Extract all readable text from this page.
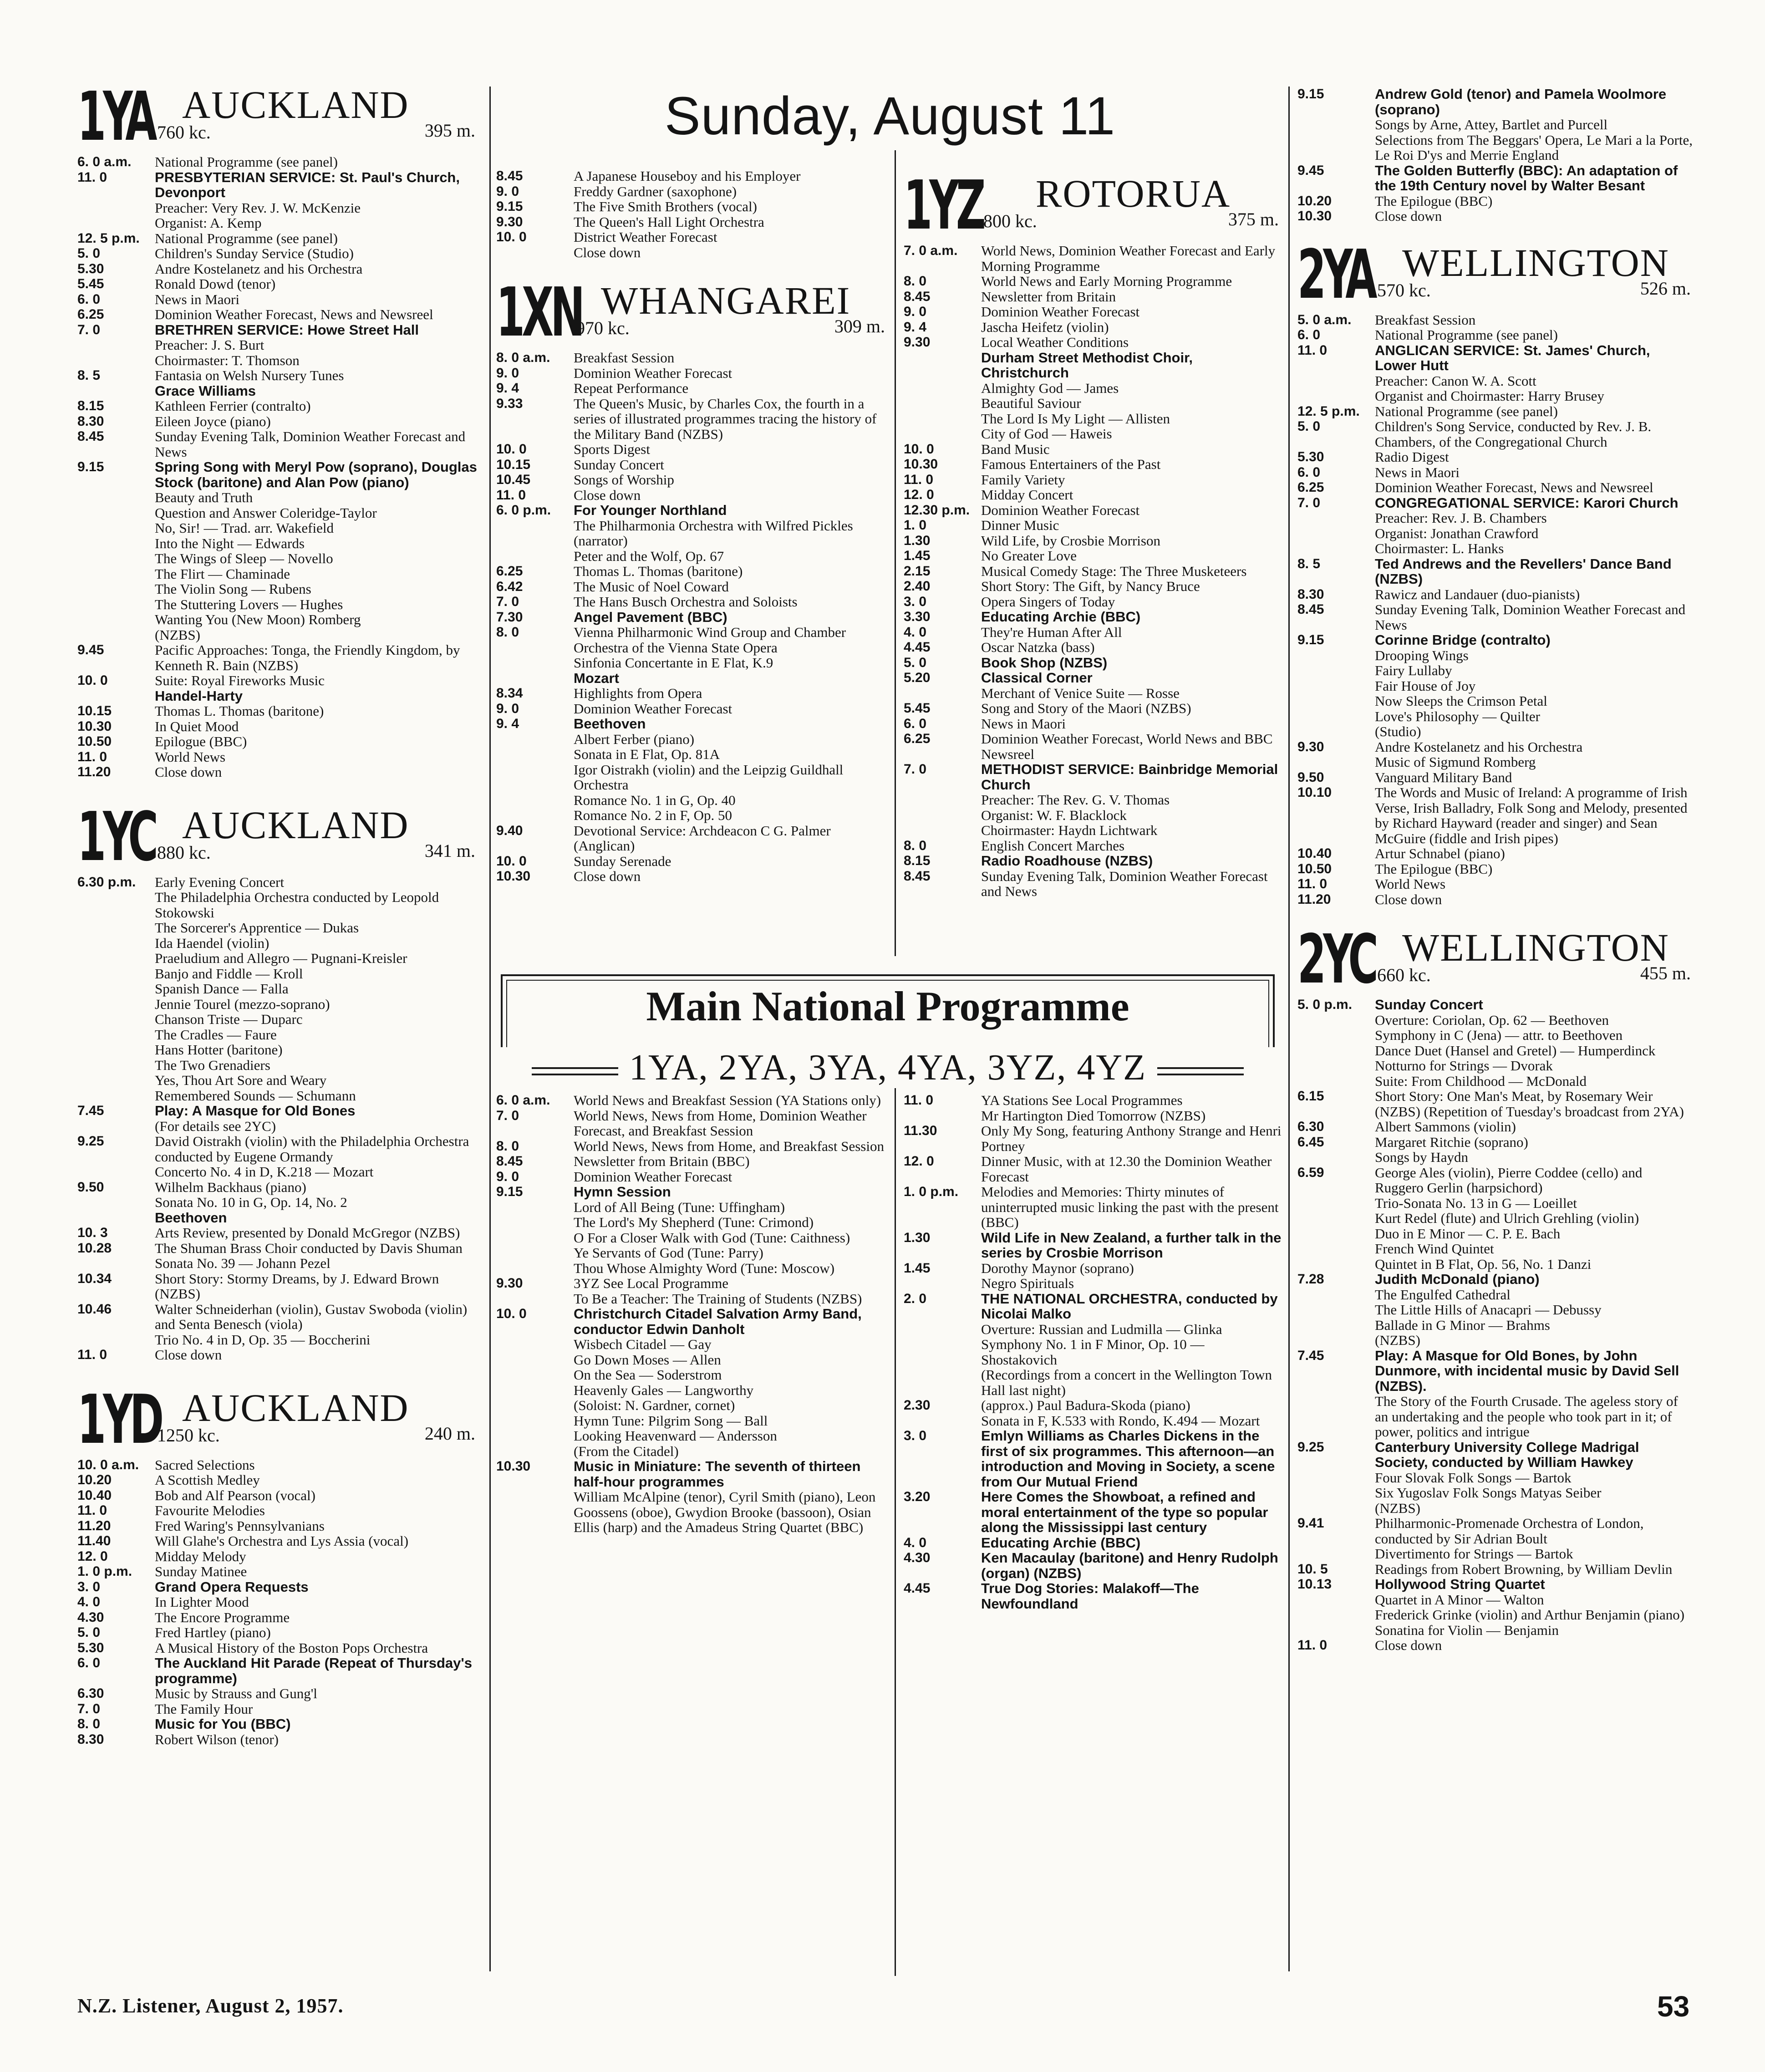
1YA AUCKLAND
760 kc.	395 m.
6. 0 a.m. National Programme (see panel)
11. 0	PRESBYTERIAN SERVICE: St. Paul's Church, Devonport
Preacher: Very Rev. J. W. McKenzie
Organist: A. Kemp
12. 5 p.m. National Programme (see panel)
5. 0	Children's Sunday Service (Studio)
5.30	Andre Kostelanetz and his Orchestra
5.45	Ronald Dowd (tenor)
6. 0	News in Maori
6.25	Dominion Weather Forecast, News and Newsreel
7. 0	BRETHREN SERVICE: Howe Street Hall
Preacher: J. S. Burt
Choirmaster: T. Thomson
8. 5	Fantasia on Welsh Nursery Tunes
Grace Williams
8.15	Kathleen Ferrier (contralto)
8.30	Eileen Joyce (piano)
8.45	Sunday Evening Talk, Dominion Weather Forecast and News
9.15	Spring Song with Meryl Pow (soprano), Douglas Stock (baritone) and Alan Pow (piano)
Beauty and Truth
Question and Answer Coleridge-Taylor
No, Sir! — Trad. arr. Wakefield
Into the Night — Edwards
The Wings of Sleep — Novello
The Flirt — Chaminade
The Violin Song — Rubens
The Stuttering Lovers — Hughes
Wanting You (New Moon) Romberg
(NZBS)
9.45	Pacific Approaches: Tonga, the Friendly Kingdom, by Kenneth R. Bain (NZBS)
10. 0	Suite: Royal Fireworks Music
Handel-Harty
10.15	Thomas L. Thomas (baritone)
10.30	In Quiet Mood
10.50	Epilogue (BBC)
11. 0	World News
11.20	Close down
1YC AUCKLAND
880 kc.	341 m.
6.30 p.m. Early Evening Concert
The Philadelphia Orchestra conducted by Leopold Stokowski
The Sorcerer's Apprentice — Dukas
Ida Haendel (violin)
Praeludium and Allegro — Pugnani-Kreisler
Banjo and Fiddle — Kroll
Spanish Dance — Falla
Jennie Tourel (mezzo-soprano)
Chanson Triste — Duparc
The Cradles — Faure
Hans Hotter (baritone)
The Two Grenadiers
Yes, Thou Art Sore and Weary
Remembered Sounds — Schumann
7.45	Play: A Masque for Old Bones
(For details see 2YC)
9.25	David Oistrakh (violin) with the Philadelphia Orchestra conducted by Eugene Ormandy
Concerto No. 4 in D, K.218 — Mozart
9.50	Wilhelm Backhaus (piano)
Sonata No. 10 in G, Op. 14, No. 2
Beethoven
10. 3	Arts Review, presented by Donald McGregor (NZBS)
10.28	The Shuman Brass Choir conducted by Davis Shuman
Sonata No. 39 — Johann Pezel
10.34	Short Story: Stormy Dreams, by J. Edward Brown (NZBS)
10.46	Walter Schneiderhan (violin), Gustav Swoboda (violin) and Senta Benesch (viola)
Trio No. 4 in D, Op. 35 — Boccherini
11. 0	Close down
1YD AUCKLAND
1250 kc.	240 m.
10. 0 a.m. Sacred Selections
10.20	A Scottish Medley
10.40	Bob and Alf Pearson (vocal)
11. 0	Favourite Melodies
11.20	Fred Waring's Pennsylvanians
11.40	Will Glahe's Orchestra and Lys Assia (vocal)
12. 0	Midday Melody
1. 0 p.m. Sunday Matinee
3. 0	Grand Opera Requests
4. 0	In Lighter Mood
4.30	The Encore Programme
5. 0	Fred Hartley (piano)
5.30	A Musical History of the Boston Pops Orchestra
6. 0	The Auckland Hit Parade (Repeat of Thursday's programme)
6.30	Music by Strauss and Gung'l
7. 0	The Family Hour
8. 0	Music for You (BBC)
8.30	Robert Wilson (tenor)
Sunday, August 11
8.45	A Japanese Houseboy and his Employer
9. 0	Freddy Gardner (saxophone)
9.15	The Five Smith Brothers (vocal)
9.30	The Queen's Hall Light Orchestra
10. 0	District Weather Forecast
Close down
1XN WHANGAREI
970 kc.	309 m.
8. 0 a.m. Breakfast Session
9. 0	Dominion Weather Forecast
9. 4	Repeat Performance
9.33	The Queen's Music, by Charles Cox, the fourth in a series of illustrated programmes tracing the history of the Military Band (NZBS)
10. 0	Sports Digest
10.15	Sunday Concert
10.45	Songs of Worship
11. 0	Close down
6. 0 p.m. For Younger Northland
The Philharmonia Orchestra with Wilfred Pickles (narrator)
Peter and the Wolf, Op. 67
6.25	Thomas L. Thomas (baritone)
6.42	The Music of Noel Coward
7. 0	The Hans Busch Orchestra and Soloists
7.30	Angel Pavement (BBC)
8. 0	Vienna Philharmonic Wind Group and Chamber Orchestra of the Vienna State Opera
Sinfonia Concertante in E Flat, K.9
Mozart
8.34	Highlights from Opera
9. 0	Dominion Weather Forecast
9. 4	Beethoven
Albert Ferber (piano)
Sonata in E Flat, Op. 81A
Igor Oistrakh (violin) and the Leipzig Guildhall Orchestra
Romance No. 1 in G, Op. 40
Romance No. 2 in F, Op. 50
9.40	Devotional Service: Archdeacon C G. Palmer (Anglican)
10. 0	Sunday Serenade
10.30	Close down
1YZ ROTORUA
800 kc.	375 m.
7. 0 a.m. World News, Dominion Weather Forecast and Early Morning Programme
8. 0	World News and Early Morning Programme
8.45	Newsletter from Britain
9. 0	Dominion Weather Forecast
9. 4	Jascha Heifetz (violin)
9.30	Local Weather Conditions
Durham Street Methodist Choir, Christchurch
Almighty God — James
Beautiful Saviour
The Lord Is My Light — Allisten
City of God — Haweis
10. 0	Band Music
10.30	Famous Entertainers of the Past
11. 0	Family Variety
12. 0	Midday Concert
12.30 p.m. Dominion Weather Forecast
1. 0	Dinner Music
1.30	Wild Life, by Crosbie Morrison
1.45	No Greater Love
2.15	Musical Comedy Stage: The Three Musketeers
2.40	Short Story: The Gift, by Nancy Bruce
3. 0	Opera Singers of Today
3.30	Educating Archie (BBC)
4. 0	They're Human After All
4.45	Oscar Natzka (bass)
5. 0	Book Shop (NZBS)
5.20	Classical Corner
Merchant of Venice Suite — Rosse
5.45	Song and Story of the Maori (NZBS)
6. 0	News in Maori
6.25	Dominion Weather Forecast, World News and BBC Newsreel
7. 0	METHODIST SERVICE: Bainbridge Memorial Church
Preacher: The Rev. G. V. Thomas
Organist: W. F. Blacklock
Choirmaster: Haydn Lichtwark
8. 0	English Concert Marches
8.15	Radio Roadhouse (NZBS)
8.45	Sunday Evening Talk, Dominion Weather Forecast and News
Main National Programme
1YA, 2YA, 3YA, 4YA, 3YZ, 4YZ
6. 0 a.m. World News and Breakfast Session (YA Stations only)
7. 0	World News, News from Home, Dominion Weather Forecast, and Breakfast Session
8. 0	World News, News from Home, and Breakfast Session
8.45	Newsletter from Britain (BBC)
9. 0	Dominion Weather Forecast
9.15	Hymn Session
Lord of All Being (Tune: Uffingham)
The Lord's My Shepherd (Tune: Crimond)
O For a Closer Walk with God (Tune: Caithness)
Ye Servants of God (Tune: Parry)
Thou Whose Almighty Word (Tune: Moscow)
9.30	3YZ See Local Programme
To Be a Teacher: The Training of Students (NZBS)
10. 0	Christchurch Citadel Salvation Army Band, conductor Edwin Danholt
Wisbech Citadel — Gay
Go Down Moses — Allen
On the Sea — Soderstrom
Heavenly Gales — Langworthy
(Soloist: N. Gardner, cornet)
Hymn Tune: Pilgrim Song — Ball
Looking Heavenward — Andersson
(From the Citadel)
10.30	Music in Miniature: The seventh of thirteen half-hour programmes
William McAlpine (tenor), Cyril Smith (piano), Leon Goossens (oboe), Gwydion Brooke (bassoon), Osian Ellis (harp) and the Amadeus String Quartet (BBC)
11. 0	YA Stations See Local Programmes
Mr Hartington Died Tomorrow (NZBS)
11.30	Only My Song, featuring Anthony Strange and Henri Portney
12. 0	Dinner Music, with at 12.30 the Dominion Weather Forecast
1. 0 p.m. Melodies and Memories: Thirty minutes of uninterrupted music linking the past with the present (BBC)
1.30	Wild Life in New Zealand, a further talk in the series by Crosbie Morrison
1.45	Dorothy Maynor (soprano)
Negro Spirituals
2. 0	THE NATIONAL ORCHESTRA, conducted by Nicolai Malko
Overture: Russian and Ludmilla — Glinka
Symphony No. 1 in F Minor, Op. 10 — Shostakovich
(Recordings from a concert in the Wellington Town Hall last night)
2.30	(approx.) Paul Badura-Skoda (piano)
Sonata in F, K.533 with Rondo, K.494 — Mozart
3. 0	Emlyn Williams as Charles Dickens in the first of six programmes. This afternoon—an introduction and Moving in Society, a scene from Our Mutual Friend
3.20	Here Comes the Showboat, a refined and moral entertainment of the type so popular along the Mississippi last century
4. 0	Educating Archie (BBC)
4.30	Ken Macaulay (baritone) and Henry Rudolph (organ) (NZBS)
4.45	True Dog Stories: Malakoff—The Newfoundland
9.15	Andrew Gold (tenor) and Pamela Woolmore (soprano)
Songs by Arne, Attey, Bartlet and Purcell
Selections from The Beggars' Opera, Le Mari a la Porte, Le Roi D'ys and Merrie England
9.45	The Golden Butterfly (BBC): An adaptation of the 19th Century novel by Walter Besant
10.20	The Epilogue (BBC)
10.30	Close down
2YA WELLINGTON
570 kc.	526 m.
5. 0 a.m. Breakfast Session
6. 0	National Programme (see panel)
11. 0	ANGLICAN SERVICE: St. James' Church, Lower Hutt
Preacher: Canon W. A. Scott
Organist and Choirmaster: Harry Brusey
12. 5 p.m. National Programme (see panel)
5. 0	Children's Song Service, conducted by Rev. J. B. Chambers, of the Congregational Church
5.30	Radio Digest
6. 0	News in Maori
6.25	Dominion Weather Forecast, News and Newsreel
7. 0	CONGREGATIONAL SERVICE: Karori Church
Preacher: Rev. J. B. Chambers
Organist: Jonathan Crawford
Choirmaster: L. Hanks
8. 5	Ted Andrews and the Revellers' Dance Band (NZBS)
8.30	Rawicz and Landauer (duo-pianists)
8.45	Sunday Evening Talk, Dominion Weather Forecast and News
9.15	Corinne Bridge (contralto)
Drooping Wings
Fairy Lullaby
Fair House of Joy
Now Sleeps the Crimson Petal
Love's Philosophy — Quilter
(Studio)
9.30	Andre Kostelanetz and his Orchestra
Music of Sigmund Romberg
9.50	Vanguard Military Band
10.10	The Words and Music of Ireland: A programme of Irish Verse, Irish Balladry, Folk Song and Melody, presented by Richard Hayward (reader and singer) and Sean McGuire (fiddle and Irish pipes)
10.40	Artur Schnabel (piano)
10.50	The Epilogue (BBC)
11. 0	World News
11.20	Close down
2YC WELLINGTON
660 kc.	455 m.
5. 0 p.m. Sunday Concert
Overture: Coriolan, Op. 62 — Beethoven
Symphony in C (Jena) — attr. to Beethoven
Dance Duet (Hansel and Gretel) — Humperdinck
Notturno for Strings — Dvorak
Suite: From Childhood — McDonald
6.15	Short Story: One Man's Meat, by Rosemary Weir (NZBS) (Repetition of Tuesday's broadcast from 2YA)
6.30	Albert Sammons (violin)
6.45	Margaret Ritchie (soprano)
Songs by Haydn
6.59	George Ales (violin), Pierre Coddee (cello) and Ruggero Gerlin (harpsichord)
Trio-Sonata No. 13 in G — Loeillet
Kurt Redel (flute) and Ulrich Grehling (violin)
Duo in E Minor — C. P. E. Bach
French Wind Quintet
Quintet in B Flat, Op. 56, No. 1 Danzi
7.28	Judith McDonald (piano)
The Engulfed Cathedral
The Little Hills of Anacapri — Debussy
Ballade in G Minor — Brahms
(NZBS)
7.45	Play: A Masque for Old Bones, by John Dunmore, with incidental music by David Sell (NZBS).
The Story of the Fourth Crusade. The ageless story of an undertaking and the people who took part in it; of power, politics and intrigue
9.25	Canterbury University College Madrigal Society, conducted by William Hawkey
Four Slovak Folk Songs — Bartok
Six Yugoslav Folk Songs Matyas Seiber
(NZBS)
9.41	Philharmonic-Promenade Orchestra of London, conducted by Sir Adrian Boult
Divertimento for Strings — Bartok
10. 5	Readings from Robert Browning, by William Devlin
10.13	Hollywood String Quartet
Quartet in A Minor — Walton
Frederick Grinke (violin) and Arthur Benjamin (piano)
Sonatina for Violin — Benjamin
11. 0	Close down
N.Z. Listener, August 2, 1957.	53
